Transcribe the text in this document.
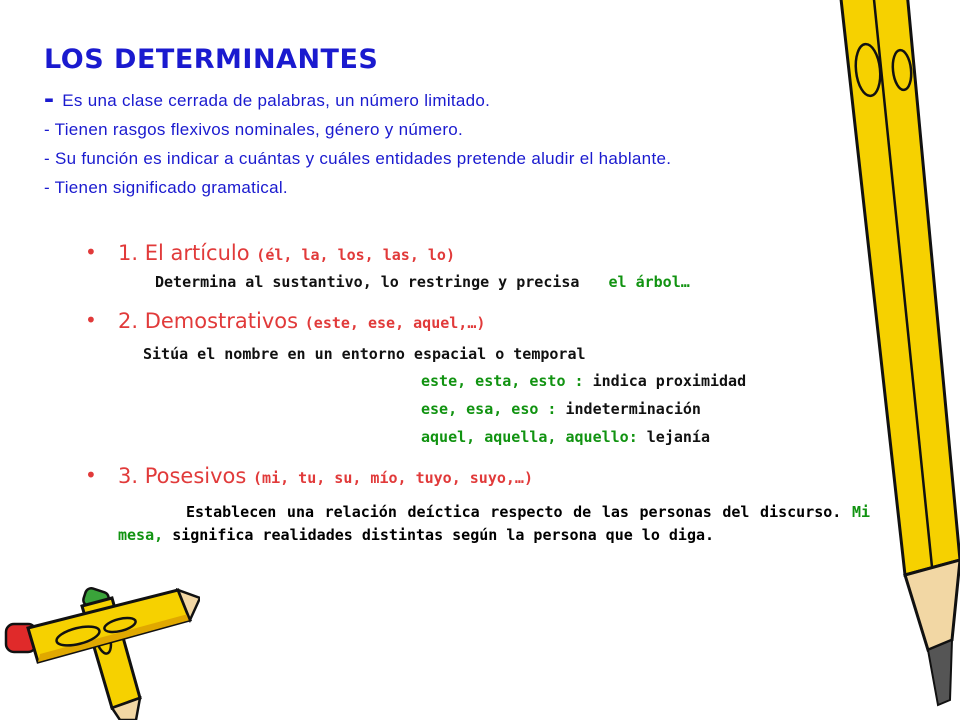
LOS DETERMINANTES
- Es una clase cerrada de palabras, un número limitado.
- Tienen rasgos flexivos nominales, género y número.
- Su función es indicar a cuántas y cuáles entidades pretende aludir el hablante.
- Tienen significado gramatical.
• 1. El artículo (él, la, los, las, lo)
Determina al sustantivo, lo restringe y precisa el árbol…
• 2. Demostrativos (este, ese, aquel,…)
Sitúa el nombre en un entorno espacial o temporal
este, esta, esto : indica proximidad
ese, esa, eso : indeterminación
aquel, aquella, aquello: lejanía
• 3. Posesivos (mi, tu, su, mío, tuyo, suyo,…)
Establecen una relación deíctica respecto de las personas del discurso. Mi mesa, significa realidades distintas según la persona que lo diga.
